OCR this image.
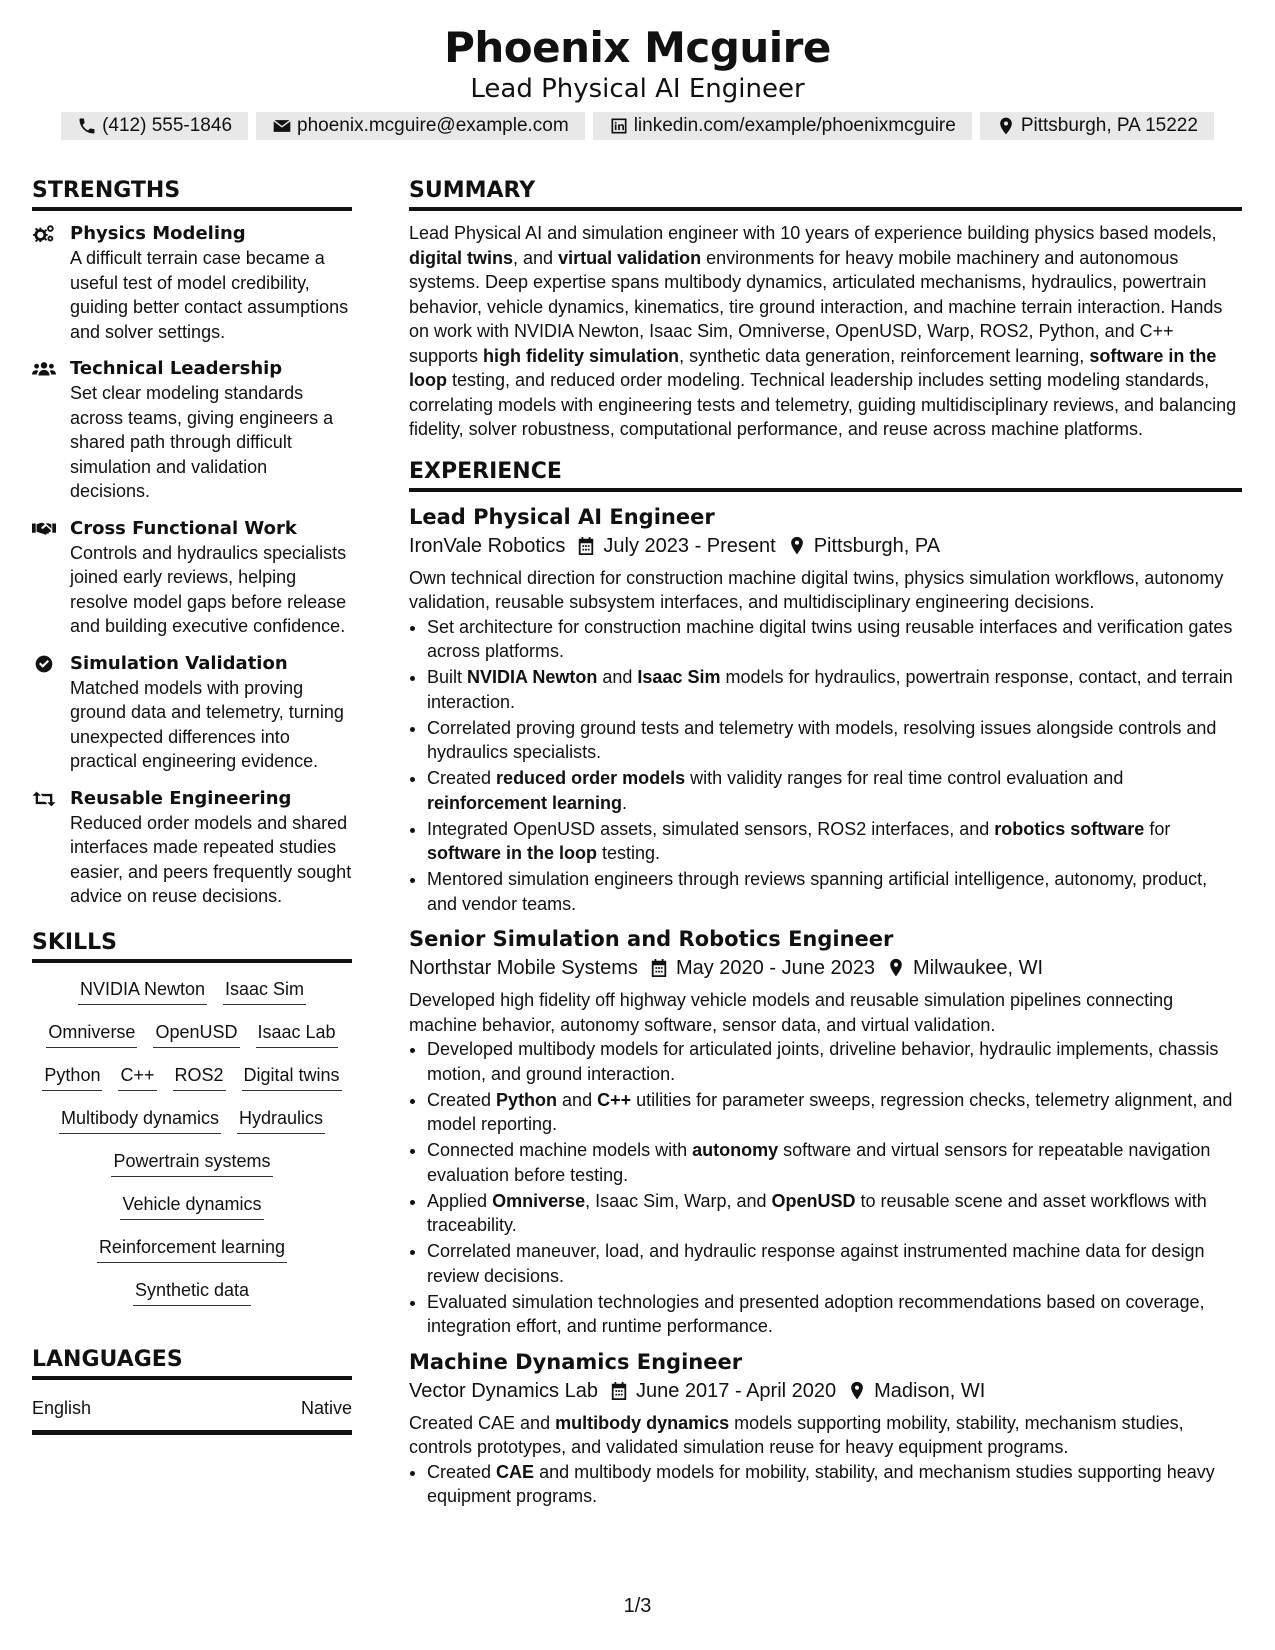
Phoenix Mcguire
Lead Physical AI Engineer
(412) 555-1846	phoenix.mcguire@example.com	linkedin.com/example/phoenixmcguire	Pittsburgh, PA 15222
STRENGTHS
Physics Modeling
A difficult terrain case became a useful test of model credibility, guiding better contact assumptions and solver settings.
Technical Leadership
Set clear modeling standards across teams, giving engineers a shared path through difficult simulation and validation decisions.
Cross Functional Work
Controls and hydraulics specialists joined early reviews, helping resolve model gaps before release and building executive confidence.
Simulation Validation
Matched models with proving ground data and telemetry, turning unexpected differences into practical engineering evidence.
Reusable Engineering
Reduced order models and shared interfaces made repeated studies easier, and peers frequently sought advice on reuse decisions.
SKILLS
NVIDIA Newton Isaac Sim
Omniverse OpenUSD Isaac Lab
Python C++ ROS2 Digital twins
Multibody dynamics Hydraulics
Powertrain systems
Vehicle dynamics
Reinforcement learning
Synthetic data
LANGUAGES
English	Native
SUMMARY

Lead Physical AI and simulation engineer with 10 years of experience building physics based models, digital twins, and virtual validation environments for heavy mobile machinery and autonomous systems. Deep expertise spans multibody dynamics, articulated mechanisms, hydraulics, powertrain behavior, vehicle dynamics, kinematics, tire ground interaction, and machine terrain interaction. Hands on work with NVIDIA Newton, Isaac Sim, Omniverse, OpenUSD, Warp, ROS2, Python, and C++ supports high fidelity simulation, synthetic data generation, reinforcement learning, software in the loop testing, and reduced order modeling. Technical leadership includes setting modeling standards, correlating models with engineering tests and telemetry, guiding multidisciplinary reviews, and balancing fidelity, solver robustness, computational performance, and reuse across machine platforms.

EXPERIENCE
Lead Physical AI Engineer
IronVale Robotics July 2023 - Present Pittsburgh, PA
Own technical direction for construction machine digital twins, physics simulation workflows, autonomy validation, reusable subsystem interfaces, and multidisciplinary engineering decisions.
• Set architecture for construction machine digital twins using reusable interfaces and verification gates across platforms.
• Built NVIDIA Newton and Isaac Sim models for hydraulics, powertrain response, contact, and terrain interaction.
• Correlated proving ground tests and telemetry with models, resolving issues alongside controls and hydraulics specialists.
• Created reduced order models with validity ranges for real time control evaluation and reinforcement learning.
• Integrated OpenUSD assets, simulated sensors, ROS2 interfaces, and robotics software for software in the loop testing.
• Mentored simulation engineers through reviews spanning artificial intelligence, autonomy, product, and vendor teams.
Senior Simulation and Robotics Engineer
Northstar Mobile Systems May 2020 - June 2023 Milwaukee, WI
Developed high fidelity off highway vehicle models and reusable simulation pipelines connecting machine behavior, autonomy software, sensor data, and virtual validation.
• Developed multibody models for articulated joints, driveline behavior, hydraulic implements, chassis motion, and ground interaction.
• Created Python and C++ utilities for parameter sweeps, regression checks, telemetry alignment, and model reporting.
• Connected machine models with autonomy software and virtual sensors for repeatable navigation evaluation before testing.
• Applied Omniverse, Isaac Sim, Warp, and OpenUSD to reusable scene and asset workflows with traceability.
• Correlated maneuver, load, and hydraulic response against instrumented machine data for design review decisions.
• Evaluated simulation technologies and presented adoption recommendations based on coverage, integration effort, and runtime performance.
Machine Dynamics Engineer
Vector Dynamics Lab June 2017 - April 2020 Madison, WI
Created CAE and multibody dynamics models supporting mobility, stability, mechanism studies, controls prototypes, and validated simulation reuse for heavy equipment programs.
• Created CAE and multibody models for mobility, stability, and mechanism studies supporting heavy equipment programs.
1/3
